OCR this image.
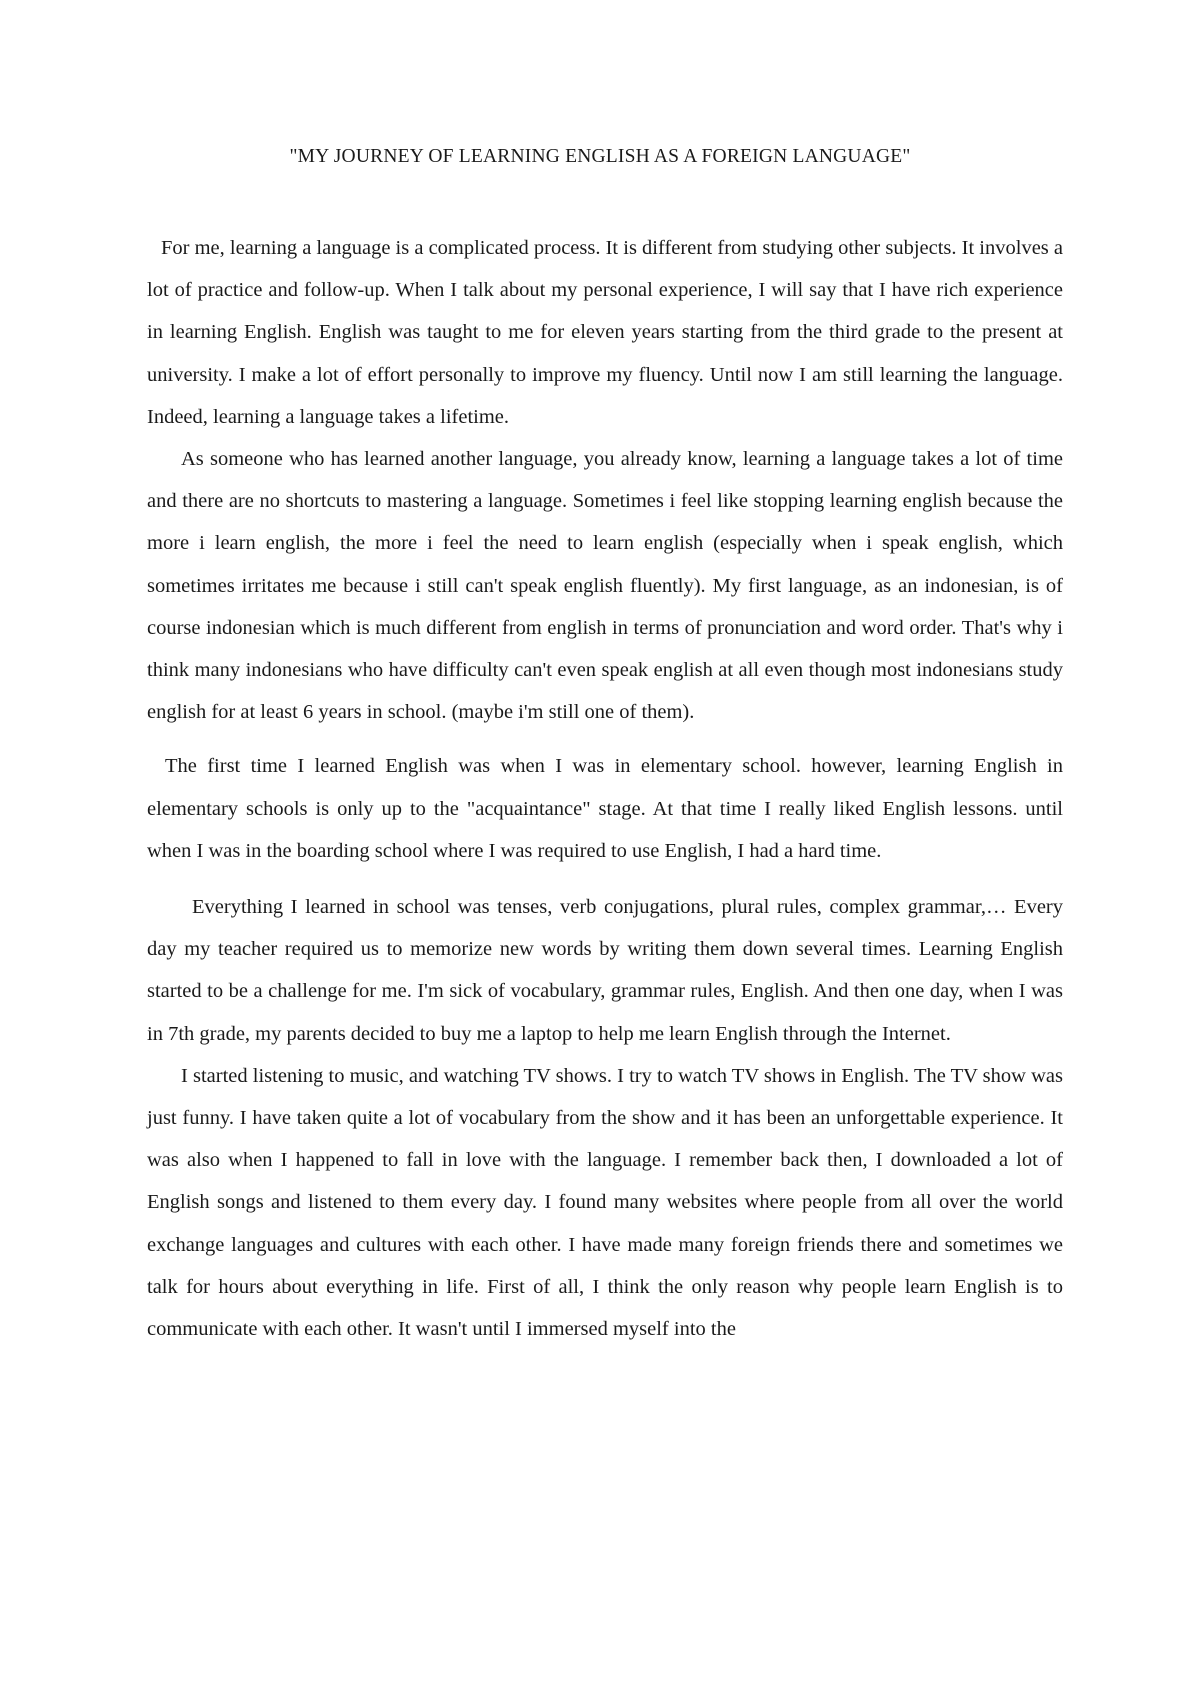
"MY JOURNEY OF LEARNING ENGLISH AS A FOREIGN LANGUAGE"

For me, learning a language is a complicated process. It is different from studying other subjects. It involves a lot of practice and follow-up. When I talk about my personal experience, I will say that I have rich experience in learning English. English was taught to me for eleven years starting from the third grade to the present at university. I make a lot of effort personally to improve my fluency. Until now I am still learning the language. Indeed, learning a language takes a lifetime.

As someone who has learned another language, you already know, learning a language takes a lot of time and there are no shortcuts to mastering a language. Sometimes i feel like stopping learning english because the more i learn english, the more i feel the need to learn english (especially when i speak english, which sometimes irritates me because i still can't speak english fluently). My first language, as an indonesian, is of course indonesian which is much different from english in terms of pronunciation and word order. That's why i think many indonesians who have difficulty can't even speak english at all even though most indonesians study english for at least 6 years in school. (maybe i'm still one of them).

The first time I learned English was when I was in elementary school. however, learning English in elementary schools is only up to the "acquaintance" stage. At that time I really liked English lessons. until when I was in the boarding school where I was required to use English, I had a hard time.

Everything I learned in school was tenses, verb conjugations, plural rules, complex grammar,… Every day my teacher required us to memorize new words by writing them down several times. Learning English started to be a challenge for me. I'm sick of vocabulary, grammar rules, English. And then one day, when I was in 7th grade, my parents decided to buy me a laptop to help me learn English through the Internet.

I started listening to music, and watching TV shows. I try to watch TV shows in English. The TV show was just funny. I have taken quite a lot of vocabulary from the show and it has been an unforgettable experience. It was also when I happened to fall in love with the language. I remember back then, I downloaded a lot of English songs and listened to them every day. I found many websites where people from all over the world exchange languages and cultures with each other. I have made many foreign friends there and sometimes we talk for hours about everything in life. First of all, I think the only reason why people learn English is to communicate with each other. It wasn't until I immersed myself into the
